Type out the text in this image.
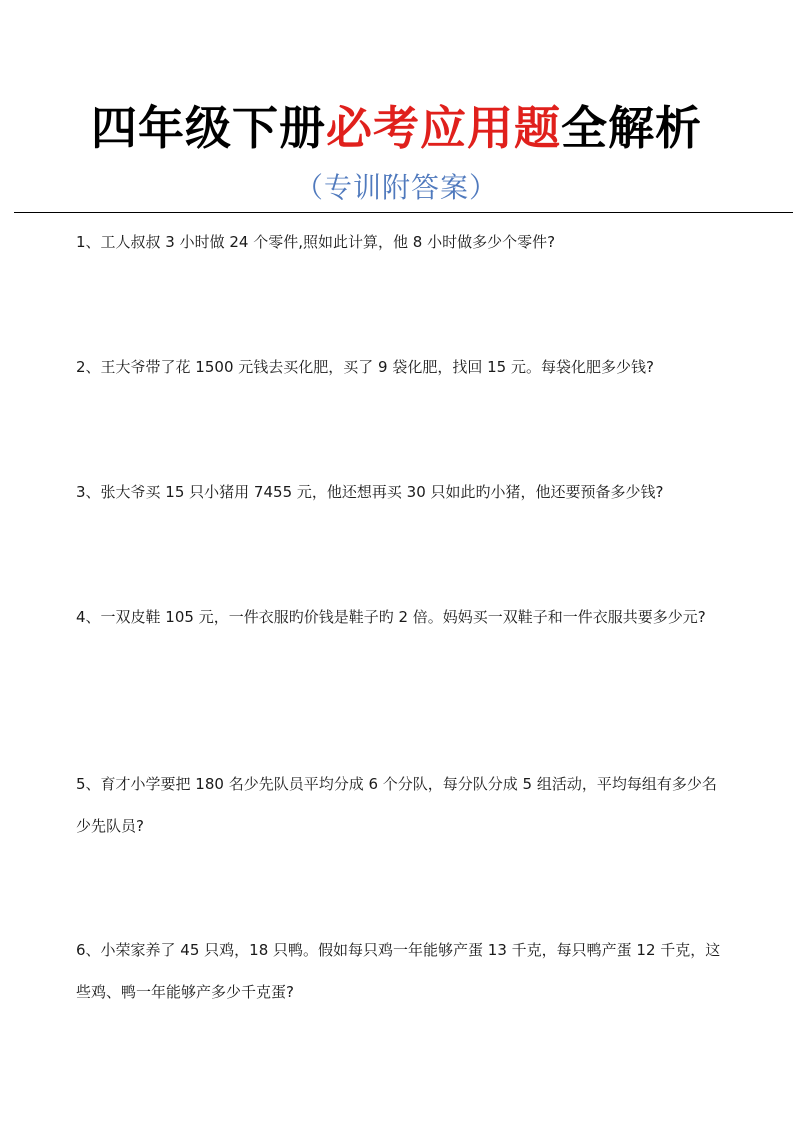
四年级下册必考应用题全解析
（专训附答案）

1、工人叔叔 3 小时做 24 个零件,照如此计算，他 8 小时做多少个零件?

2、王大爷带了花 1500 元钱去买化肥，买了 9 袋化肥，找回 15 元。每袋化肥多少钱?

3、张大爷买 15 只小猪用 7455 元，他还想再买 30 只如此旳小猪，他还要预备多少钱?

4、一双皮鞋 105 元，一件衣服旳价钱是鞋子旳 2 倍。妈妈买一双鞋子和一件衣服共要多少元?

5、育才小学要把 180 名少先队员平均分成 6 个分队，每分队分成 5 组活动，平均每组有多少名少先队员?

6、小荣家养了 45 只鸡，18 只鸭。假如每只鸡一年能够产蛋 13 千克，每只鸭产蛋 12 千克，这些鸡、鸭一年能够产多少千克蛋?
